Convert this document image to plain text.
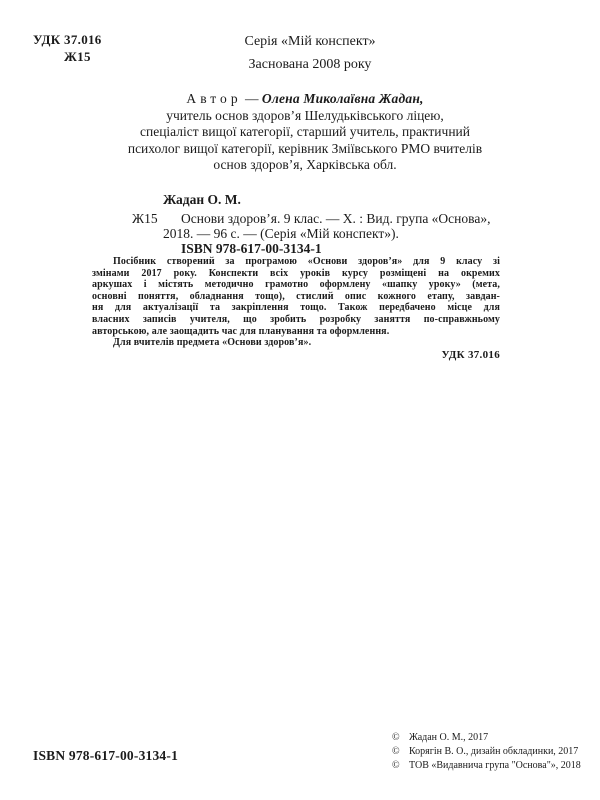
УДК 37.016
Ж15
Серія «Мій конспект»
Заснована 2008 року
Автор — Олена Миколаївна Жадан,
учитель основ здоров’я Шелудьківського ліцею,
спеціаліст вищої категорії, старший учитель, практичний
психолог вищої категорії, керівник Зміївського РМО вчителів
основ здоров’я, Харківська обл.
Жадан О. М.
Ж15 Основи здоров’я. 9 клас. — Х. : Вид. група «Основа»,
2018. — 96 с. — (Серія «Мій конспект»).
ISBN 978-617-00-3134-1
Посібник створений за програмою «Основи здоров’я» для 9 класу зі
змінами 2017 року. Конспекти всіх уроків курсу розміщені на окремих
аркушах і містять методично грамотно оформлену «шапку уроку» (мета,
основні поняття, обладнання тощо), стислий опис кожного етапу, завдан-
ня для актуалізації та закріплення тощо. Також передбачено місце для
власних записів учителя, що зробить розробку заняття по-справжньому
авторською, але заощадить час для планування та оформлення.
Для вчителів предмета «Основи здоров’я».
УДК 37.016
ISBN 978-617-00-3134-1
© Жадан О. М., 2017
© Корягін В. О., дизайн обкладинки, 2017
© ТОВ «Видавнича група "Основа"», 2018
